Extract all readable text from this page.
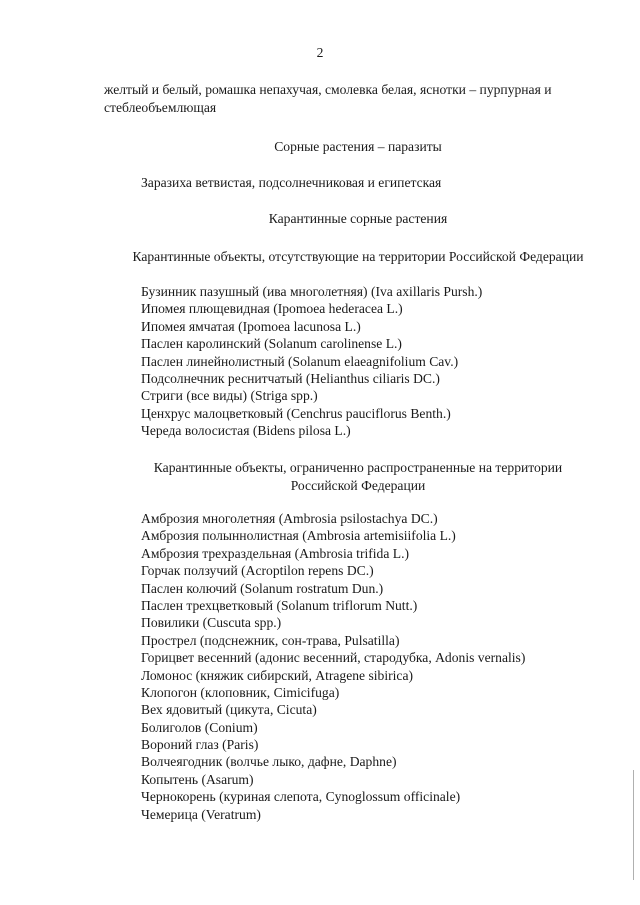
2
желтый и белый, ромашка непахучая, смолевка белая, яснотки – пурпурная и стеблеобъемлющая
Сорные растения – паразиты
Заразиха ветвистая, подсолнечниковая и египетская
Карантинные сорные растения
Карантинные объекты, отсутствующие на территории Российской Федерации
Бузинник пазушный (ива многолетняя) (Iva axillaris Pursh.)
Ипомея плющевидная (Ipomoea hederacea L.)
Ипомея ямчатая (Ipomoea lacunosa L.)
Паслен каролинский (Solanum carolinense L.)
Паслен линейнолистный (Solanum elaeagnifolium Cav.)
Подсолнечник реснитчатый (Helianthus ciliaris DC.)
Стриги (все виды) (Striga spp.)
Ценхрус малоцветковый (Cenchrus pauciflorus Benth.)
Череда волосистая (Bidens pilosa L.)
Карантинные объекты, ограниченно распространенные на территории
Российской Федерации
Амброзия многолетняя (Ambrosia psilostachya DC.)
Амброзия полыннолистная (Ambrosia artemisiifolia L.)
Амброзия трехраздельная (Ambrosia trifida L.)
Горчак ползучий (Acroptilon repens DC.)
Паслен колючий (Solanum rostratum Dun.)
Паслен трехцветковый (Solanum triflorum Nutt.)
Повилики (Cuscuta spp.)
Прострел (подснежник, сон-трава, Pulsatilla)
Горицвет весенний (адонис весенний, стародубка, Adonis vernalis)
Ломонос (княжик сибирский, Atragene sibirica)
Клопогон (клоповник, Cimicifuga)
Вех ядовитый (цикута, Cicuta)
Болиголов (Conium)
Вороний глаз (Paris)
Волчеягодник (волчье лыко, дафне, Daphne)
Копытень (Asarum)
Чернокорень (куриная слепота, Cynoglossum officinale)
Чемерица (Veratrum)
